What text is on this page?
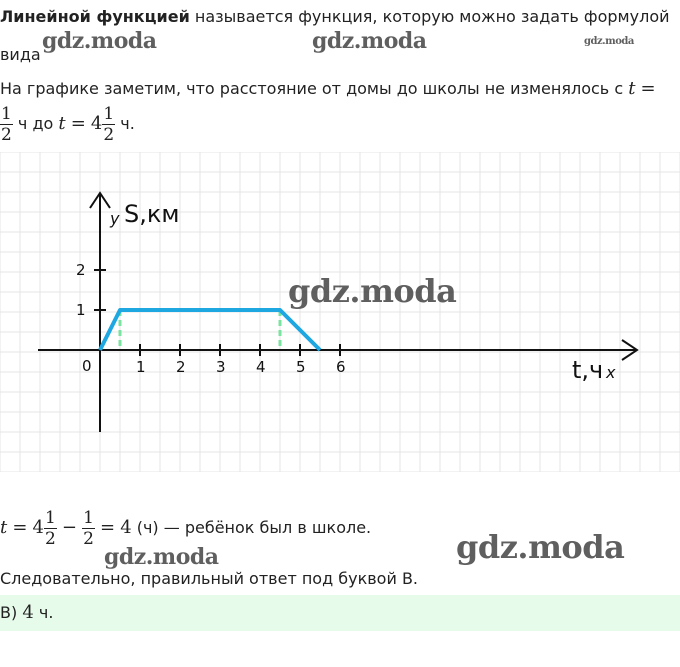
Линейной функцией называется функция, которую можно задать формулой
вида
На графике заметим, что расстояние от домы до школы не изменялось с t =
$\frac{1}{2}$ ч до $t = 4 \frac{1}{2} ч$.
1 2 3 4 5 6
1
2
0
y S,км
t,ч x
$t = 4 \frac{1}{2} - \frac{1}{2} = 4$ (ч) — ребёнок был в школе.
Следовательно, правильный ответ под буквой В.
В) 4 ч.
gdz.moda	gdz.moda	gdz.moda
gdz.moda
gdz.moda
gdz.moda
